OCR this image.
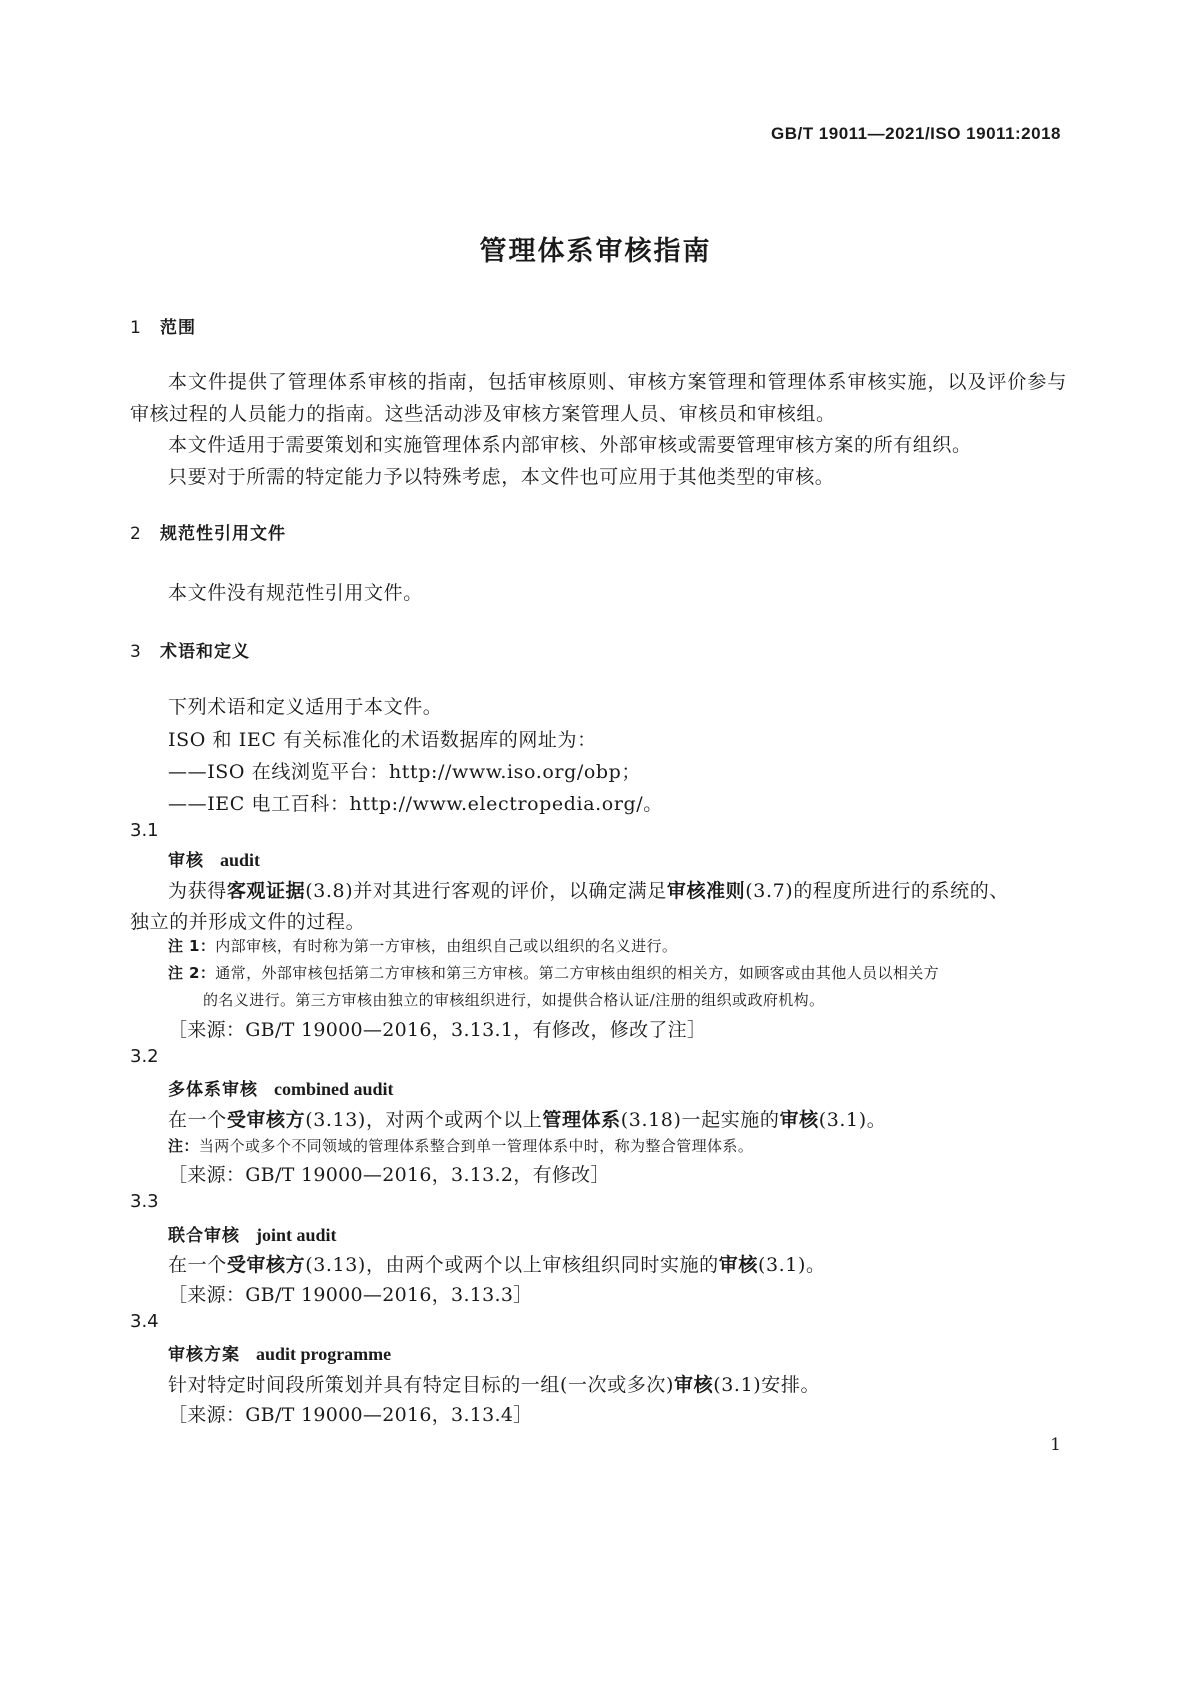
GB/T 19011—2021/ISO 19011:2018
管理体系审核指南
1 范围
本文件提供了管理体系审核的指南，包括审核原则、审核方案管理和管理体系审核实施，以及评价参与审核过程的人员能力的指南。这些活动涉及审核方案管理人员、审核员和审核组。
本文件适用于需要策划和实施管理体系内部审核、外部审核或需要管理审核方案的所有组织。
只要对于所需的特定能力予以特殊考虑，本文件也可应用于其他类型的审核。
2 规范性引用文件
本文件没有规范性引用文件。
3 术语和定义
下列术语和定义适用于本文件。
ISO 和 IEC 有关标准化的术语数据库的网址为：
——ISO 在线浏览平台：http://www.iso.org/obp；
——IEC 电工百科：http://www.electropedia.org/。
3.1
审核 audit
为获得客观证据(3.8)并对其进行客观的评价，以确定满足审核准则(3.7)的程度所进行的系统的、
独立的并形成文件的过程。
注 1：内部审核，有时称为第一方审核，由组织自己或以组织的名义进行。
注 2：通常，外部审核包括第二方审核和第三方审核。第二方审核由组织的相关方，如顾客或由其他人员以相关方
的名义进行。第三方审核由独立的审核组织进行，如提供合格认证/注册的组织或政府机构。
［来源：GB/T 19000—2016，3.13.1，有修改，修改了注］
3.2
多体系审核 combined audit
在一个受审核方(3.13)，对两个或两个以上管理体系(3.18)一起实施的审核(3.1)。
注：当两个或多个不同领域的管理体系整合到单一管理体系中时，称为整合管理体系。
［来源：GB/T 19000—2016，3.13.2，有修改］
3.3
联合审核 joint audit
在一个受审核方(3.13)，由两个或两个以上审核组织同时实施的审核(3.1)。
［来源：GB/T 19000—2016，3.13.3］
3.4
审核方案 audit programme
针对特定时间段所策划并具有特定目标的一组(一次或多次)审核(3.1)安排。
［来源：GB/T 19000—2016，3.13.4］
1
